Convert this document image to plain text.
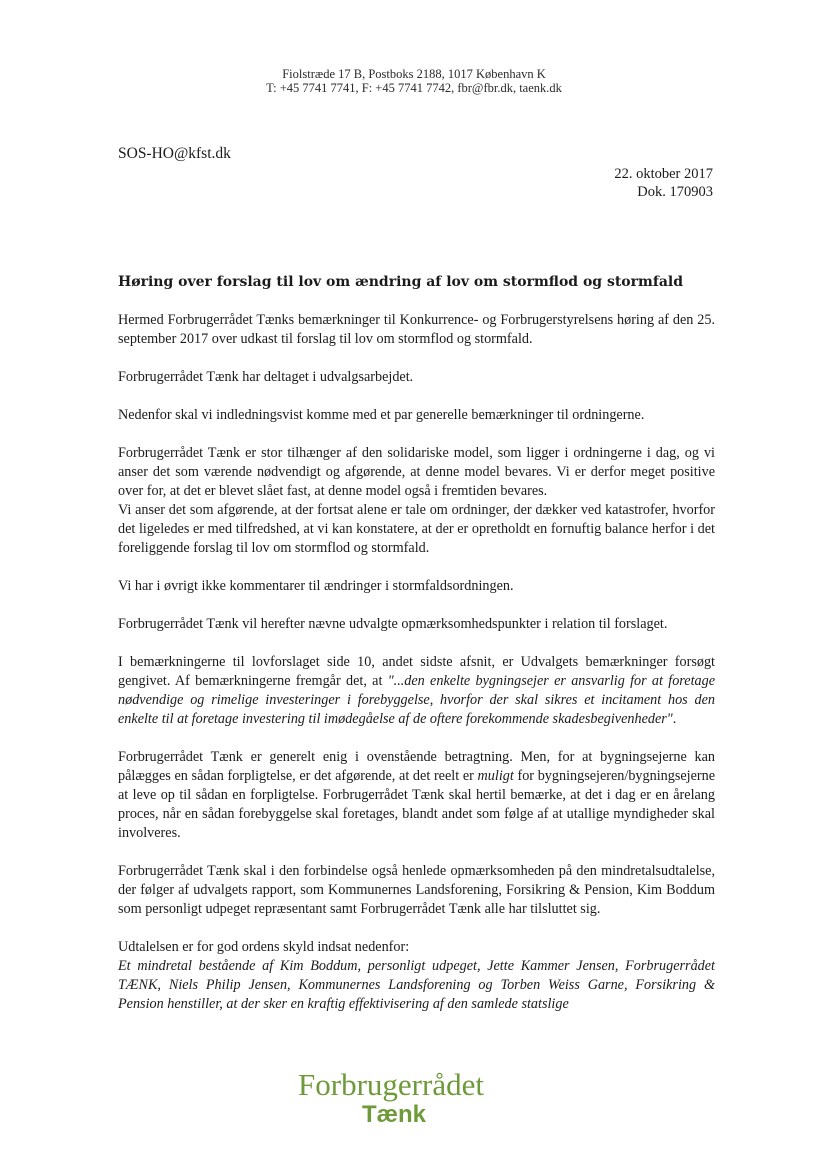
Fiolstræde 17 B, Postboks 2188, 1017 København K
T: +45 7741 7741, F: +45 7741 7742, fbr@fbr.dk, taenk.dk
SOS-HO@kfst.dk
22. oktober 2017
Dok. 170903
Høring over forslag til lov om ændring af lov om stormflod og stormfald

Hermed Forbrugerrådet Tænks bemærkninger til Konkurrence- og Forbrugerstyrelsens høring af den 25. september 2017 over udkast til forslag til lov om stormflod og stormfald.

Forbrugerrådet Tænk har deltaget i udvalgsarbejdet.

Nedenfor skal vi indledningsvist komme med et par generelle bemærkninger til ordningerne.

Forbrugerrådet Tænk er stor tilhænger af den solidariske model, som ligger i ordningerne i dag, og vi anser det som værende nødvendigt og afgørende, at denne model bevares. Vi er derfor meget positive over for, at det er blevet slået fast, at denne model også i fremtiden bevares.

Vi anser det som afgørende, at der fortsat alene er tale om ordninger, der dækker ved katastrofer, hvorfor det ligeledes er med tilfredshed, at vi kan konstatere, at der er opretholdt en fornuftig balance herfor i det foreliggende forslag til lov om stormflod og stormfald.

Vi har i øvrigt ikke kommentarer til ændringer i stormfaldsordningen.

Forbrugerrådet Tænk vil herefter nævne udvalgte opmærksomhedspunkter i relation til forslaget.

I bemærkningerne til lovforslaget side 10, andet sidste afsnit, er Udvalgets bemærkninger forsøgt gengivet. Af bemærkningerne fremgår det, at "...den enkelte bygningsejer er ansvarlig for at foretage nødvendige og rimelige investeringer i forebyggelse, hvorfor der skal sikres et incitament hos den enkelte til at foretage investering til imødegåelse af de oftere forekommende skadesbegivenheder".

Forbrugerrådet Tænk er generelt enig i ovenstående betragtning. Men, for at bygningsejerne kan pålægges en sådan forpligtelse, er det afgørende, at det reelt er muligt for bygningsejeren/bygningsejerne at leve op til sådan en forpligtelse. Forbrugerrådet Tænk skal hertil bemærke, at det i dag er en årelang proces, når en sådan forebyggelse skal foretages, blandt andet som følge af at utallige myndigheder skal involveres.

Forbrugerrådet Tænk skal i den forbindelse også henlede opmærksomheden på den mindretalsudtalelse, der følger af udvalgets rapport, som Kommunernes Landsforening, Forsikring & Pension, Kim Boddum som personligt udpeget repræsentant samt Forbrugerrådet Tænk alle har tilsluttet sig.

Udtalelsen er for god ordens skyld indsat nedenfor:

Et mindretal bestående af Kim Boddum, personligt udpeget, Jette Kammer Jensen, Forbrugerrådet TÆNK, Niels Philip Jensen, Kommunernes Landsforening og Torben Weiss Garne, Forsikring & Pension henstiller, at der sker en kraftig effektivisering af den samlede statslige

Forbrugerrådet
Tænk
